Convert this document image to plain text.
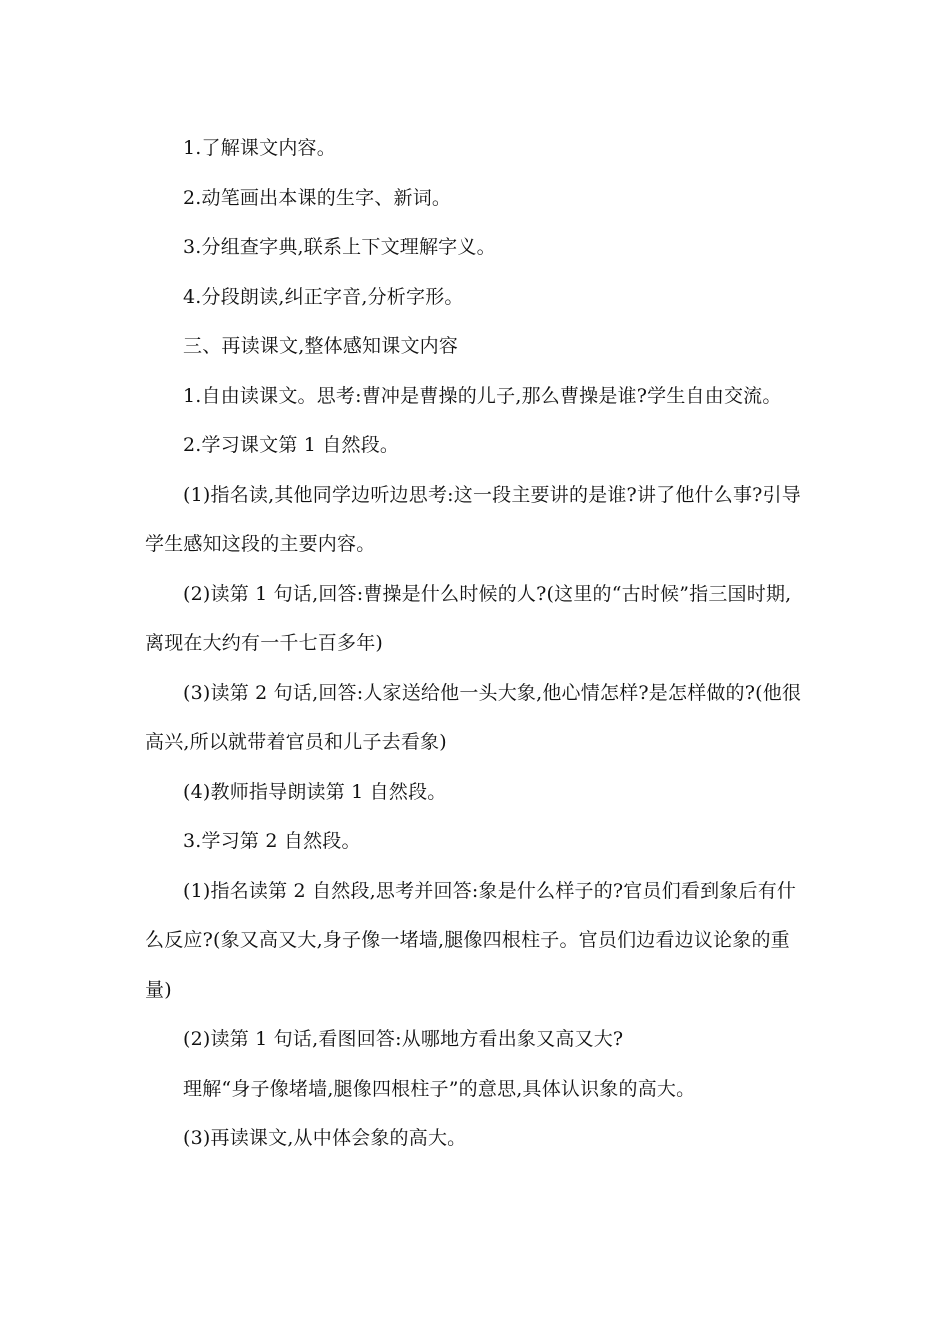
1.了解课文内容。

2.动笔画出本课的生字、新词。

3.分组查字典,联系上下文理解字义。

4.分段朗读,纠正字音,分析字形。

三、再读课文,整体感知课文内容

1.自由读课文。思考:曹冲是曹操的儿子,那么曹操是谁?学生自由交流。

2.学习课文第 1 自然段。

(1)指名读,其他同学边听边思考:这一段主要讲的是谁?讲了他什么事?引导学生感知这段的主要内容。

(2)读第 1 句话,回答:曹操是什么时候的人?(这里的“古时候”指三国时期,离现在大约有一千七百多年)

(3)读第 2 句话,回答:人家送给他一头大象,他心情怎样?是怎样做的?(他很高兴,所以就带着官员和儿子去看象)

(4)教师指导朗读第 1 自然段。

3.学习第 2 自然段。

(1)指名读第 2 自然段,思考并回答:象是什么样子的?官员们看到象后有什么反应?(象又高又大,身子像一堵墙,腿像四根柱子。官员们边看边议论象的重量)

(2)读第 1 句话,看图回答:从哪地方看出象又高又大?

理解“身子像堵墙,腿像四根柱子”的意思,具体认识象的高大。

(3)再读课文,从中体会象的高大。
